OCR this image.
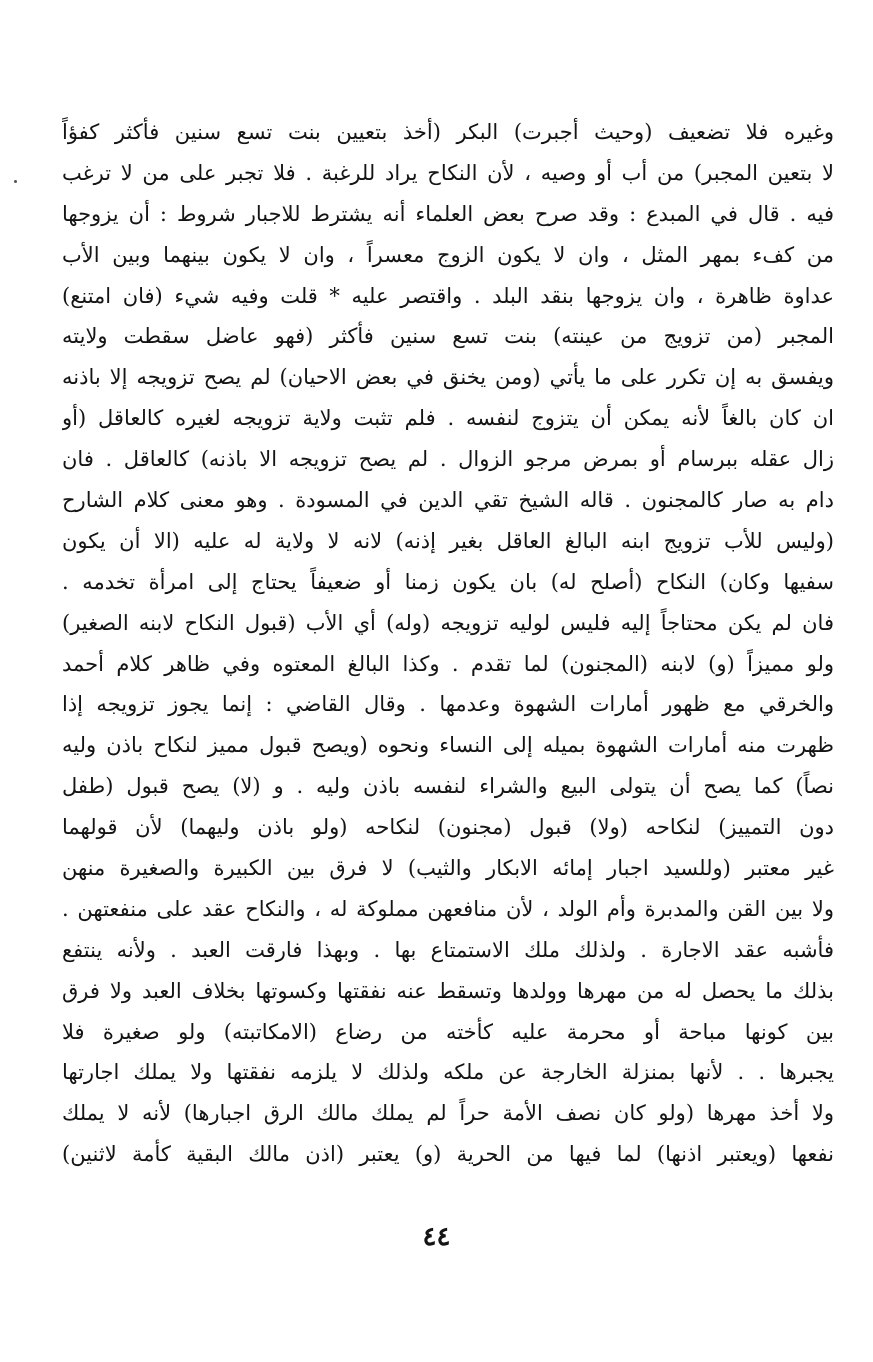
وغيره فلا تضعيف (وحيث أجبرت) البكر (أخذ بتعيين بنت تسع سنين فأكثر كفؤاً
لا بتعين المجبر) من أب أو وصيه ، لأن النكاح يراد للرغبة . فلا تجبر على من لا ترغب
فيه . قال في المبدع : وقد صرح بعض العلماء أنه يشترط للاجبار شروط : أن يزوجها
من كفء بمهر المثل ، وان لا يكون الزوج معسراً ، وان لا يكون بينهما وبين الأب
عداوة ظاهرة ، وان يزوجها بنقد البلد . واقتصر عليه * قلت وفيه شيء (فان امتنع)
المجبر (من تزويج من عينته) بنت تسع سنين فأكثر (فهو عاضل سقطت ولايته
ويفسق به إن تكرر على ما يأتي (ومن يخنق في بعض الاحيان) لم يصح تزويجه إلا باذنه
ان كان بالغاً لأنه يمكن أن يتزوج لنفسه . فلم تثبت ولاية تزويجه لغيره كالعاقل (أو
زال عقله ببرسام أو بمرض مرجو الزوال . لم يصح تزويجه الا باذنه) كالعاقل . فان
دام به صار كالمجنون . قاله الشيخ تقي الدين في المسودة . وهو معنى كلام الشارح
(وليس للأب تزويج ابنه البالغ العاقل بغير إذنه) لانه لا ولاية له عليه (الا أن يكون
سفيها وكان) النكاح (أصلح له) بان يكون زمنا أو ضعيفاً يحتاج إلى امرأة تخدمه .
فان لم يكن محتاجاً إليه فليس لوليه تزويجه (وله) أي الأب (قبول النكاح لابنه الصغير)
ولو مميزاً (و) لابنه (المجنون) لما تقدم . وكذا البالغ المعتوه وفي ظاهر كلام أحمد
والخرقي مع ظهور أمارات الشهوة وعدمها . وقال القاضي : إنما يجوز تزويجه إذا
ظهرت منه أمارات الشهوة بميله إلى النساء ونحوه (ويصح قبول مميز لنكاح باذن وليه
نصاً) كما يصح أن يتولى البيع والشراء لنفسه باذن وليه . و (لا) يصح قبول (طفل
دون التمييز) لنكاحه (ولا) قبول (مجنون) لنكاحه (ولو باذن وليهما) لأن قولهما
غير معتبر (وللسيد اجبار إمائه الابكار والثيب) لا فرق بين الكبيرة والصغيرة منهن
ولا بين القن والمدبرة وأم الولد ، لأن منافعهن مملوكة له ، والنكاح عقد على منفعتهن .
فأشبه عقد الاجارة . ولذلك ملك الاستمتاع بها . وبهذا فارقت العبد . ولأنه ينتفع
بذلك ما يحصل له من مهرها وولدها وتسقط عنه نفقتها وكسوتها بخلاف العبد ولا فرق
بين كونها مباحة أو محرمة عليه كأخته من رضاع (الامكاتبته) ولو صغيرة فلا
يجبرها . . لأنها بمنزلة الخارجة عن ملكه ولذلك لا يلزمه نفقتها ولا يملك اجارتها
ولا أخذ مهرها (ولو كان نصف الأمة حراً لم يملك مالك الرق اجبارها) لأنه لا يملك
نفعها (ويعتبر اذنها) لما فيها من الحرية (و) يعتبر (اذن مالك البقية كأمة لاثنين)
٤٤
